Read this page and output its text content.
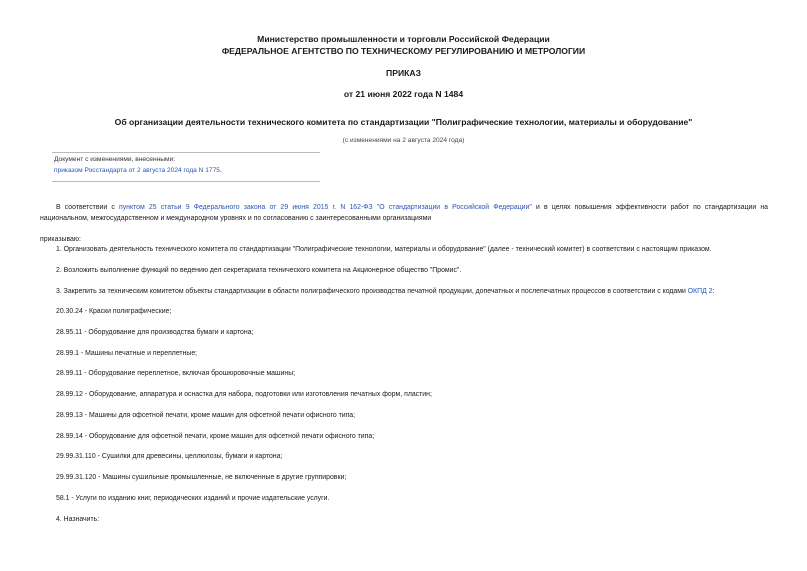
Министерство промышленности и торговли Российской Федерации
ФЕДЕРАЛЬНОЕ АГЕНТСТВО ПО ТЕХНИЧЕСКОМУ РЕГУЛИРОВАНИЮ И МЕТРОЛОГИИ
ПРИКАЗ
от 21 июня 2022 года N 1484
Об организации деятельности технического комитета по стандартизации "Полиграфические технологии, материалы и оборудование"
(с изменениями на 2 августа 2024 года)
Документ с изменениями, внесенными:
приказом Росстандарта от 2 августа 2024 года N 1775.
В соответствии с пунктом 25 статьи 9 Федерального закона от 29 июня 2015 г. N 162-ФЗ "О стандартизации в Российской Федерации" и в целях повышения эффективности работ по стандартизации на
национальном, межгосударственном и международном уровнях и по согласованию с заинтересованными организациями
приказываю:
1. Организовать деятельность технического комитета по стандартизации "Полиграфические технологии, материалы и оборудование" (далее - технический комитет) в соответствии с настоящим приказом.
2. Возложить выполнение функций по ведению дел секретариата технического комитета на Акционерное общество "Промис".
3. Закрепить за техническим комитетом объекты стандартизации в области полиграфического производства печатной продукции, допечатных и послепечатных процессов в соответствии с кодами ОКПД 2:
20.30.24 - Краски полиграфические;
28.95.11 - Оборудование для производства бумаги и картона;
28.99.1 - Машины печатные и переплетные;
28.99.11 - Оборудование переплетное, включая брошюровочные машины;
28.99.12 - Оборудование, аппаратура и оснастка для набора, подготовки или изготовления печатных форм, пластин;
28.99.13 - Машины для офсетной печати, кроме машин для офсетной печати офисного типа;
28.99.14 - Оборудование для офсетной печати, кроме машин для офсетной печати офисного типа;
29.99.31.110 - Сушилки для древесины, целлюлозы, бумаги и картона;
29.99.31.120 - Машины сушильные промышленные, не включенные в другие группировки;
58.1 - Услуги по изданию книг, периодических изданий и прочие издательские услуги.
4. Назначить:
